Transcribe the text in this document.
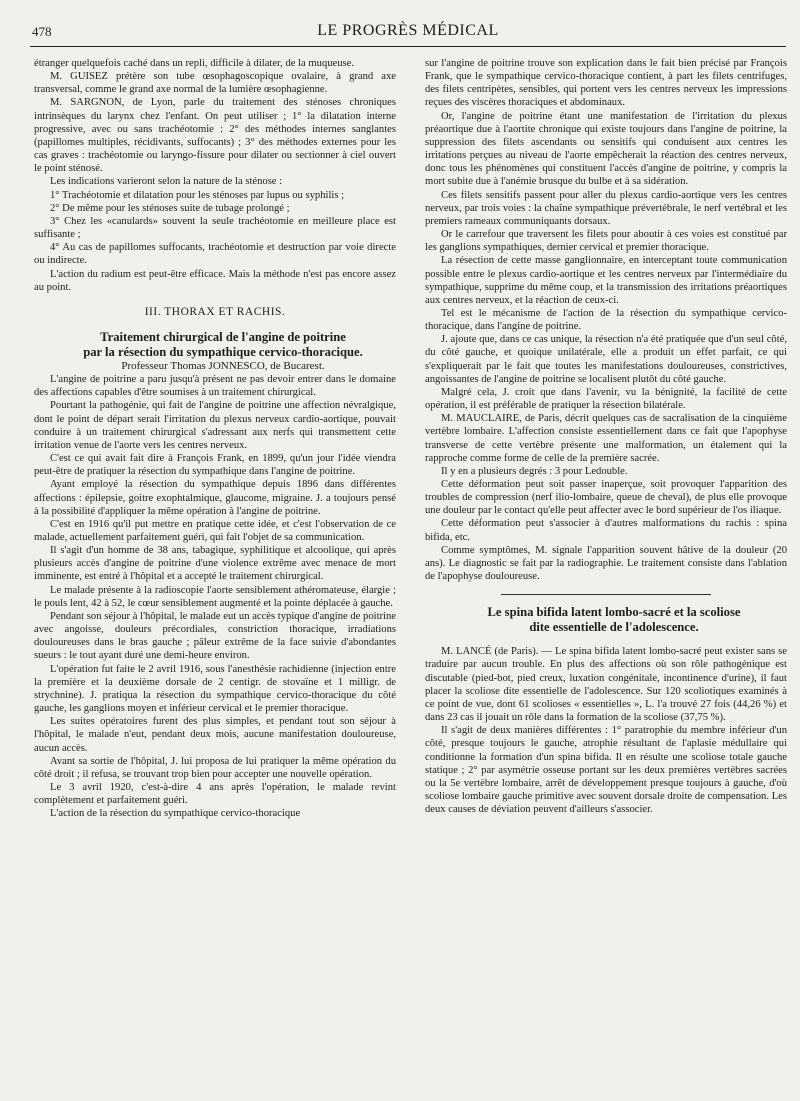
478	LE PROGRÈS MÉDICAL

étranger quelquefois caché dans un repli, difficile à dilater, de la muqueuse.

M. GUISEZ prétère son tube œsophagoscopique ovalaire, à grand axe transversal, comme le grand axe normal de la lumière œsophagienne.

M. SARGNON, de Lyon, parle du traitement des sténoses chroniques intrinsèques du larynx chez l'enfant. On peut utiliser ; 1° la dilatation interne progressive, avec ou sans trachéotomie : 2° des méthodes internes sanglantes (papillomes multiples, récidivants, suffocants) ; 3° des méthodes externes pour les cas graves : trachéotomie ou laryngo-fissure pour dilater ou sectionner à ciel ouvert le point sténosé.

Les indications varieront selon la nature de la sténose :

1° Trachéotomie et dilatation pour les sténoses par lupus ou syphilis ;

2° De même pour les sténoses suite de tubage prolongé ;

3° Chez les «canulards» souvent la seule trachéotomie en meilleure place est suffisante ;

4° Au cas de papillomes suffocants, trachéotomie et destruction par voie directe ou indirecte.

L'action du radium est peut-être efficace. Mais la méthode n'est pas encore assez au point.

III. THORAX ET RACHIS.

Traitement chirurgical de l'angine de poitrine

par la résection du sympathique cervico-thoracique.

Professeur Thomas JONNESCO, de Bucarest.

L'angine de poitrine a paru jusqu'à présent ne pas devoir entrer dans le domaine des affections capables d'être soumises à un traitement chirurgical.

Pourtant la pathogénie, qui fait de l'angine de poitrine une affection névralgique, dont le point de départ serait l'irritation du plexus nerveux cardio-aortique, pouvait conduire à un traitement chirurgical s'adressant aux nerfs qui transmettent cette irritation venue de l'aorte vers les centres nerveux.

C'est ce qui avait fait dire à François Frank, en 1899, qu'un jour l'idée viendra peut-être de pratiquer la résection du sympathique dans l'angine de poitrine.

Ayant employé la résection du sympathique depuis 1896 dans différentes affections : épilepsie, goitre exophtalmique, glaucome, migraine. J. a toujours pensé à la possibilité d'appliquer la même opération à l'angine de poitrine.

C'est en 1916 qu'il put mettre en pratique cette idée, et c'est l'observation de ce malade, actuellement parfaitement guéri, qui fait l'objet de sa communication.

Il s'agit d'un homme de 38 ans, tabagique, syphilitique et alcoolique, qui après plusieurs accès d'angine de poitrine d'une violence extrême avec menace de mort imminente, est entré à l'hôpital et a accepté le traitement chirurgical.

Le malade présente à la radioscopie l'aorte sensiblement athéromateuse, élargie ; le pouls lent, 42 à 52, le cœur sensiblement augmenté et la pointe déplacée à gauche.

Pendant son séjour à l'hôpital, le malade eut un accès typique d'angine de poitrine avec angoisse, douleurs précordiales, constriction thoracique, irradiations douloureuses dans le bras gauche ; pâleur extrême de la face suivie d'abondantes sueurs : le tout ayant duré une demi-heure environ.

L'opération fut faite le 2 avril 1916, sous l'anesthésie rachidienne (injection entre la première et la deuxième dorsale de 2 centigr. de stovaïne et 1 milligr. de strychnine). J. pratiqua la résection du sympathique cervico-thoracique du côté gauche, les ganglions moyen et inférieur cervical et le premier thoracique.

Les suites opératoires furent des plus simples, et pendant tout son séjour à l'hôpital, le malade n'eut, pendant deux mois, aucune manifestation douloureuse, aucun accès.

Avant sa sortie de l'hôpital, J. lui proposa de lui pratiquer la même opération du côté droit ; il refusa, se trouvant trop bien pour accepter une nouvelle opération.

Le 3 avril 1920, c'est-à-dire 4 ans après l'opération, le malade revint complètement et parfaitement guéri.

L'action de la résection du sympathique cervico-thoracique

sur l'angine de poitrine trouve son explication dans le fait bien précisé par François Frank, que le sympathique cervico-thoracique contient, à part les filets centrifuges, des filets centripètes, sensibles, qui portent vers les centres nerveux les impressions reçues des viscères thoraciques et abdominaux.

Or, l'angine de poitrine étant une manifestation de l'irritation du plexus préaortique due à l'aortite chronique qui existe toujours dans l'angine de poitrine, la suppression des filets ascendants ou sensitifs qui conduisent aux centres les irritations perçues au niveau de l'aorte empêcherait la réaction des centres nerveux, donc tous les phénomènes qui constituent l'accès d'angine de poitrine, y compris la mort subite due à l'anémie brusque du bulbe et à sa sidération.

Ces filets sensitifs passent pour aller du plexus cardio-aortique vers les centres nerveux, par trois voies : la chaîne sympathique prévertébrale, le nerf vertébral et les premiers rameaux communiquants dorsaux.

Or le carrefour que traversent les filets pour aboutir à ces voies est constitué par les ganglions sympathiques, dernier cervical et premier thoracique.

La résection de cette masse ganglionnaire, en interceptant toute communication possible entre le plexus cardio-aortique et les centres nerveux par l'intermédiaire du sympathique, supprime du même coup, et la transmission des irritations préaortiques aux centres nerveux, et la réaction de ceux-ci.

Tel est le mécanisme de l'action de la résection du sympathique cervico-thoracique, dans l'angine de poitrine.

J. ajoute que, dans ce cas unique, la résection n'a été pratiquée que d'un seul côté, du côté gauche, et quoique unilatérale, elle a produit un effet parfait, ce qui s'expliquerait par le fait que toutes les manifestations douloureuses, constrictives, angoissantes de l'angine de poitrine se localisent plutôt du côté gauche.

Malgré cela, J. croit que dans l'avenir, vu la bénignité, la facilité de cette opération, il est préférable de pratiquer la résection bilatérale.

M. MAUCLAIRE, de Paris, décrit quelques cas de sacralisation de la cinquième vertèbre lombaire. L'affection consiste essentiellement dans ce fait que l'apophyse transverse de cette vertèbre présente une malformation, un étalement qui la rapproche comme forme de celle de la première sacrée.

Il y en a plusieurs degrés : 3 pour Ledouble.

Cette déformation peut soit passer inaperçue, soit provoquer l'apparition des troubles de compression (nerf ilio-lombaire, queue de cheval), de plus elle provoque une douleur par le contact qu'elle peut affecter avec le bord supérieur de l'os iliaque.

Cette déformation peut s'associer à d'autres malformations du rachis : spina bifida, etc.

Comme symptômes, M. signale l'apparition souvent hâtive de la douleur (20 ans). Le diagnostic se fait par la radiographie. Le traitement consiste dans l'ablation de l'apophyse douloureuse.

Le spina bifida latent lombo-sacré et la scoliose

dite essentielle de l'adolescence.

M. LANCÉ (de Paris). — Le spina bifida latent lombo-sacré peut exister sans se traduire par aucun trouble. En plus des affections où son rôle pathogénique est discutable (pied-bot, pied creux, luxation congénitale, incontinence d'urine), il faut placer la scoliose dite essentielle de l'adolescence. Sur 120 scoliotiques examinés à ce point de vue, dont 61 scolioses « essentielles », L. l'a trouvé 27 fois (44,26 %) et dans 23 cas il jouait un rôle dans la formation de la scoliose (37,75 %).

Il s'agit de deux manières différentes : 1° paratrophie du membre inférieur d'un côté, presque toujours le gauche, atrophie résultant de l'aplasie médullaire qui conditionne la formation d'un spina bifida. Il en résulte une scoliose totale gauche statique ; 2° par asymétrie osseuse portant sur les deux premières vertèbres sacrées ou la 5e vertèbre lombaire, arrêt de développement presque toujours à gauche, d'où scoliose lombaire gauche primitive avec souvent dorsale droite de compensation. Les deux causes de déviation peuvent d'ailleurs s'associer.
